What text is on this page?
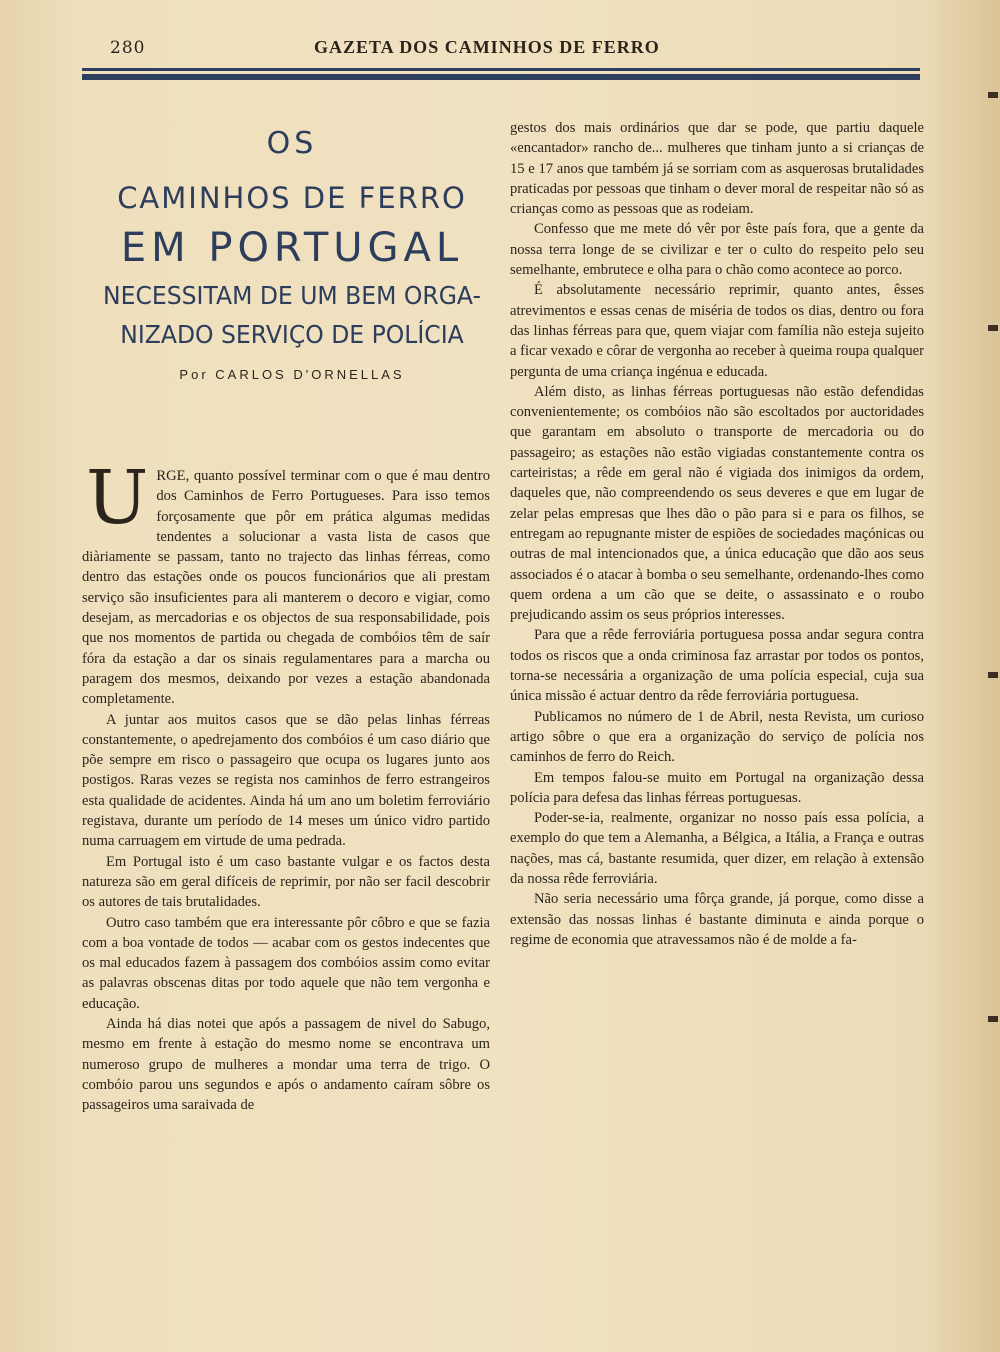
280	GAZETA DOS CAMINHOS DE FERRO
OS
CAMINHOS DE FERRO
EM PORTUGAL
NECESSITAM DE UM BEM ORGA-
NIZADO SERVIÇO DE POLÍCIA
Por CARLOS D'ORNELLAS

URGE, quanto possível terminar com o que é mau dentro dos Caminhos de Ferro Portugueses. Para isso temos forçosamente que pôr em prática algumas medidas tendentes a solucionar a vasta lista de casos que diàriamente se passam, tanto no trajecto das linhas férreas, como dentro das estações onde os poucos funcionários que ali prestam serviço são insuficientes para ali manterem o decoro e vigiar, como desejam, as mercadorias e os objectos de sua responsabilidade, pois que nos momentos de partida ou chegada de combóios têm de saír fóra da estação a dar os sinais regulamentares para a marcha ou paragem dos mesmos, deixando por vezes a estação abandonada completamente.

A juntar aos muitos casos que se dão pelas linhas férreas constantemente, o apedrejamento dos combóios é um caso diário que põe sempre em risco o passageiro que ocupa os lugares junto aos postigos. Raras vezes se regista nos caminhos de ferro estrangeiros esta qualidade de acidentes. Ainda há um ano um boletim ferroviário registava, durante um período de 14 meses um único vidro partido numa carruagem em virtude de uma pedrada.

Em Portugal isto é um caso bastante vulgar e os factos desta natureza são em geral difíceis de reprimir, por não ser facil descobrir os autores de tais brutalidades.

Outro caso também que era interessante pôr côbro e que se fazia com a boa vontade de todos — acabar com os gestos indecentes que os mal educados fazem à passagem dos combóios assim como evitar as palavras obscenas ditas por todo aquele que não tem vergonha e educação.

Ainda há dias notei que após a passagem de nivel do Sabugo, mesmo em frente à estação do mesmo nome se encontrava um numeroso grupo de mulheres a mondar uma terra de trigo. O combóio parou uns segundos e após o andamento caíram sôbre os passageiros uma saraivada de

gestos dos mais ordinários que dar se pode, que partiu daquele «encantador» rancho de... mulheres que tinham junto a si crianças de 15 e 17 anos que também já se sorriam com as asquerosas brutalidades praticadas por pessoas que tinham o dever moral de respeitar não só as crianças como as pessoas que as rodeiam.

Confesso que me mete dó vêr por êste país fora, que a gente da nossa terra longe de se civilizar e ter o culto do respeito pelo seu semelhante, embrutece e olha para o chão como acontece ao porco.

É absolutamente necessário reprimir, quanto antes, êsses atrevimentos e essas cenas de miséria de todos os dias, dentro ou fora das linhas férreas para que, quem viajar com família não esteja sujeito a ficar vexado e côrar de vergonha ao receber à queima roupa qualquer pergunta de uma criança ingénua e educada.

Além disto, as linhas férreas portuguesas não estão defendidas convenientemente; os combóios não são escoltados por auctoridades que garantam em absoluto o transporte de mercadoria ou do passageiro; as estações não estão vigiadas constantemente contra os carteiristas; a rêde em geral não é vigiada dos inimigos da ordem, daqueles que, não compreendendo os seus deveres e que em lugar de zelar pelas empresas que lhes dão o pão para si e para os filhos, se entregam ao repugnante mister de espiões de sociedades maçónicas ou outras de mal intencionados que, a única educação que dão aos seus associados é o atacar à bomba o seu semelhante, ordenando-lhes como quem ordena a um cão que se deite, o assassinato e o roubo prejudicando assim os seus próprios interesses.

Para que a rêde ferroviária portuguesa possa andar segura contra todos os riscos que a onda criminosa faz arrastar por todos os pontos, torna-se necessária a organização de uma polícia especial, cuja sua única missão é actuar dentro da rêde ferroviária portuguesa.

Publicamos no número de 1 de Abril, nesta Revista, um curioso artigo sôbre o que era a organização do serviço de polícia nos caminhos de ferro do Reich.

Em tempos falou-se muito em Portugal na organização dessa polícia para defesa das linhas férreas portuguesas.

Poder-se-ia, realmente, organizar no nosso país essa polícia, a exemplo do que tem a Alemanha, a Bélgica, a Itália, a França e outras nações, mas cá, bastante resumida, quer dizer, em relação à extensão da nossa rêde ferroviária.

Não seria necessário uma fôrça grande, já porque, como disse a extensão das nossas linhas é bastante diminuta e ainda porque o regime de economia que atravessamos não é de molde a fa-
